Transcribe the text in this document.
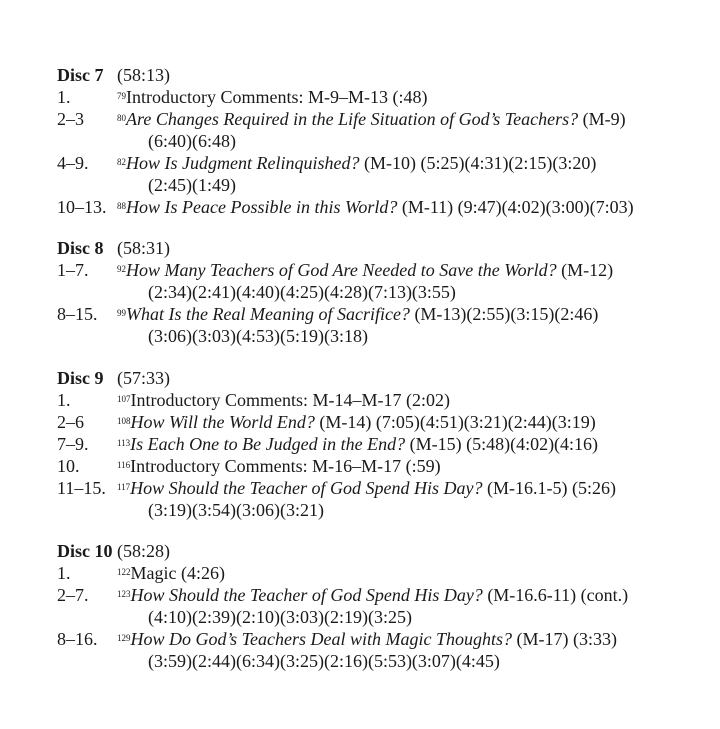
Disc 7 (58:13)
1.	$^{79}$Introductory Comments: M-9–M-13 (:48)
2–3	$^{80}$Are Changes Required in the Life Situation of God’s Teachers? (M-9)
(6:40)(6:48)
4–9.	$^{82}$How Is Judgment Relinquished? (M-10) (5:25)(4:31)(2:15)(3:20)
(2:45)(1:49)
10–13.	$^{88}$How Is Peace Possible in this World? (M-11) (9:47)(4:02)(3:00)(7:03)
Disc 8 (58:31)
1–7.	$^{92}$How Many Teachers of God Are Needed to Save the World? (M-12)
(2:34)(2:41)(4:40)(4:25)(4:28)(7:13)(3:55)
8–15.	$^{99}$What Is the Real Meaning of Sacrifice? (M-13)(2:55)(3:15)(2:46)
(3:06)(3:03)(4:53)(5:19)(3:18)
Disc 9 (57:33)
1.	$^{107}$Introductory Comments: M-14–M-17 (2:02)
2–6	$^{108}$How Will the World End? (M-14) (7:05)(4:51)(3:21)(2:44)(3:19)
7–9.	$^{113}$Is Each One to Be Judged in the End? (M-15) (5:48)(4:02)(4:16)
10.	$^{116}$Introductory Comments: M-16–M-17 (:59)
11–15.	$^{117}$How Should the Teacher of God Spend His Day? (M-16.1-5) (5:26)
(3:19)(3:54)(3:06)(3:21)
Disc 10 (58:28)
1.	$^{122}$Magic (4:26)
2–7.	$^{123}$How Should the Teacher of God Spend His Day? (M-16.6-11) (cont.)
(4:10)(2:39)(2:10)(3:03)(2:19)(3:25)
8–16.	$^{129}$How Do God’s Teachers Deal with Magic Thoughts? (M-17) (3:33)
(3:59)(2:44)(6:34)(3:25)(2:16)(5:53)(3:07)(4:45)
